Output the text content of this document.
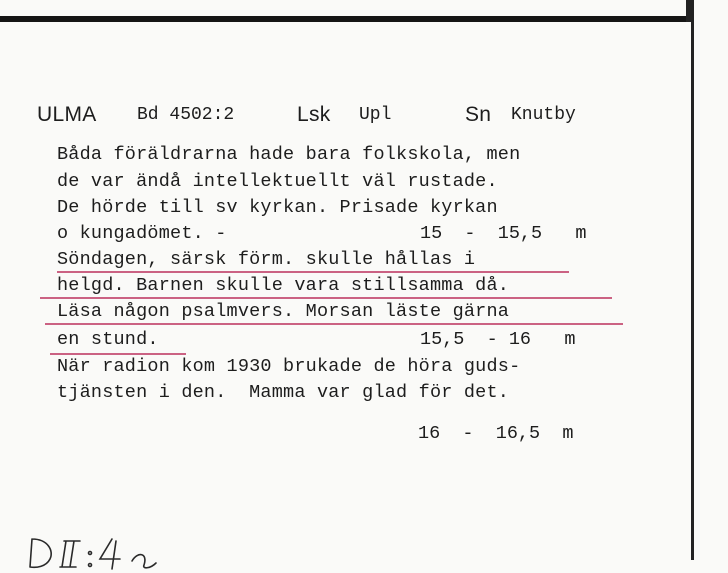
ULMA Bd 4502:2	Lsk Upl	Sn Knutby
Båda föräldrarna hade bara folkskola, men
de var ändå intellektuellt väl rustade.
De hörde till sv kyrkan. Prisade kyrkan
o kungadömet. -	15  -  15,5   m
Söndagen, särsk förm. skulle hållas i
helgd. Barnen skulle vara stillsamma då.
Läsa någon psalmvers. Morsan läste gärna
en stund.	15,5  - 16   m
När radion kom 1930 brukade de höra guds-
tjänsten i den.  Mamma var glad för det.
16  -  16,5  m
